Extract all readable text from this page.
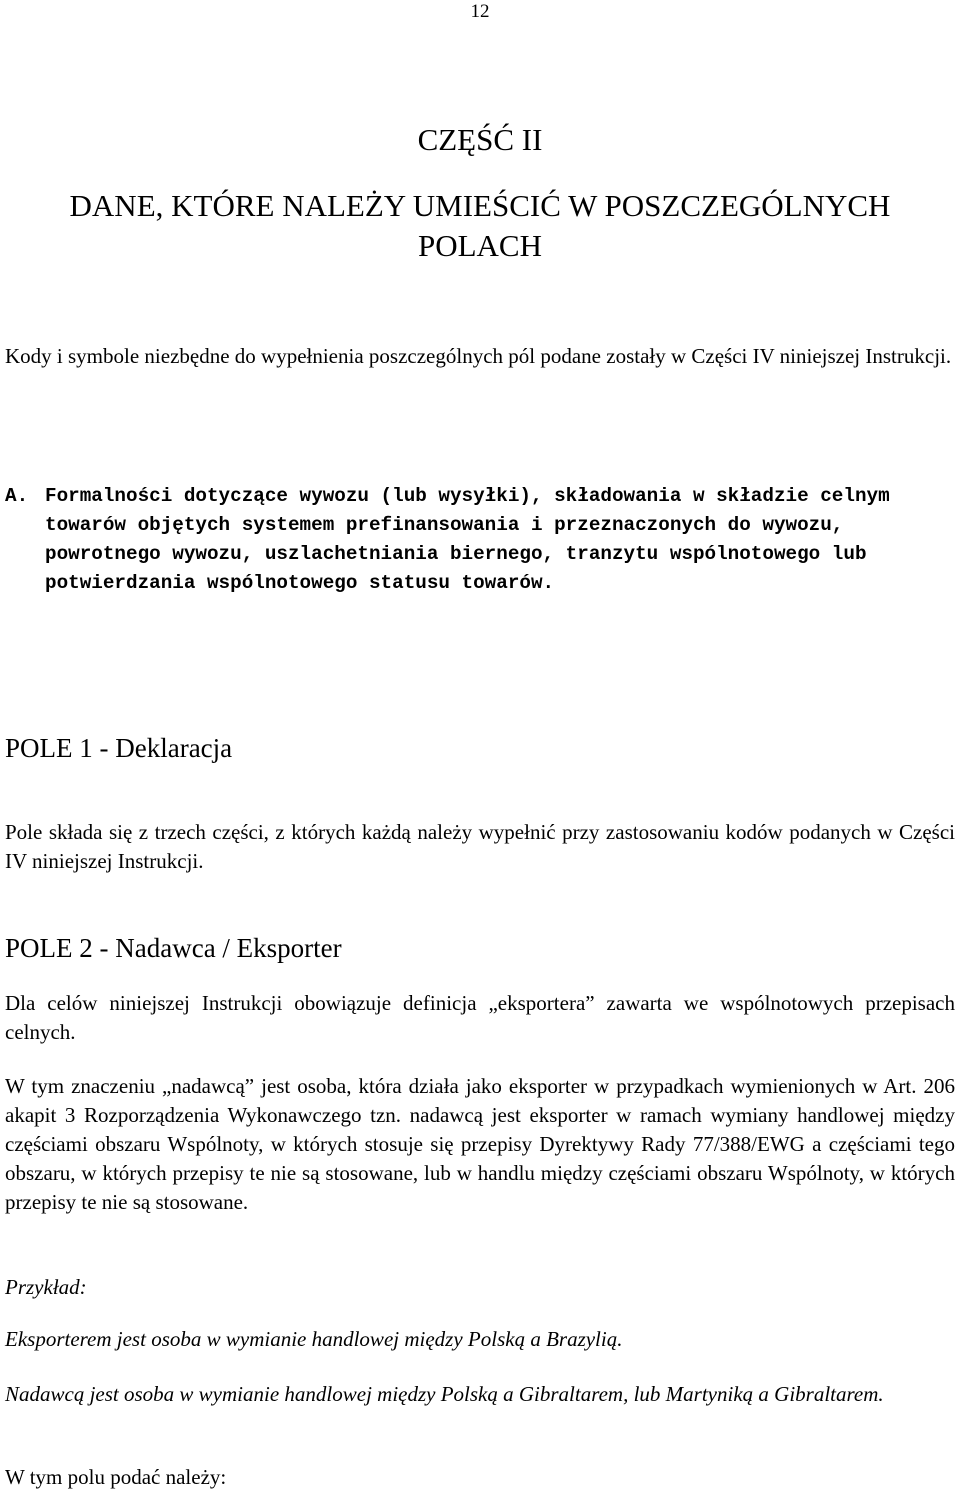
12
CZĘŚĆ II
DANE, KTÓRE NALEŻY UMIEŚCIĆ W POSZCZEGÓLNYCH
POLACH

Kody i symbole niezbędne do wypełnienia poszczególnych pól podane zostały w Części IV niniejszej Instrukcji.

A. Formalności dotyczące wywozu (lub wysyłki), składowania w składzie celnym
towarów objętych systemem prefinansowania i przeznaczonych do wywozu,
powrotnego wywozu, uszlachetniania biernego, tranzytu wspólnotowego lub
potwierdzania wspólnotowego statusu towarów.
POLE 1 - Deklaracja

Pole składa się z trzech części, z których każdą należy wypełnić przy zastosowaniu kodów podanych w Części IV niniejszej Instrukcji.

POLE 2 - Nadawca / Eksporter

Dla celów niniejszej Instrukcji obowiązuje definicja „eksportera” zawarta we wspólnotowych przepisach celnych.

W tym znaczeniu „nadawcą” jest osoba, która działa jako eksporter w przypadkach wymienionych w Art. 206 akapit 3 Rozporządzenia Wykonawczego tzn. nadawcą jest eksporter w ramach wymiany handlowej między częściami obszaru Wspólnoty, w których stosuje się przepisy Dyrektywy Rady 77/388/EWG a częściami tego obszaru, w których przepisy te nie są stosowane, lub w handlu między częściami obszaru Wspólnoty, w których przepisy te nie są stosowane.

Przykład:

Eksporterem jest osoba w wymianie handlowej między Polską a Brazylią.

Nadawcą jest osoba w wymianie handlowej między Polską a Gibraltarem, lub Martyniką a Gibraltarem.

W tym polu podać należy:
